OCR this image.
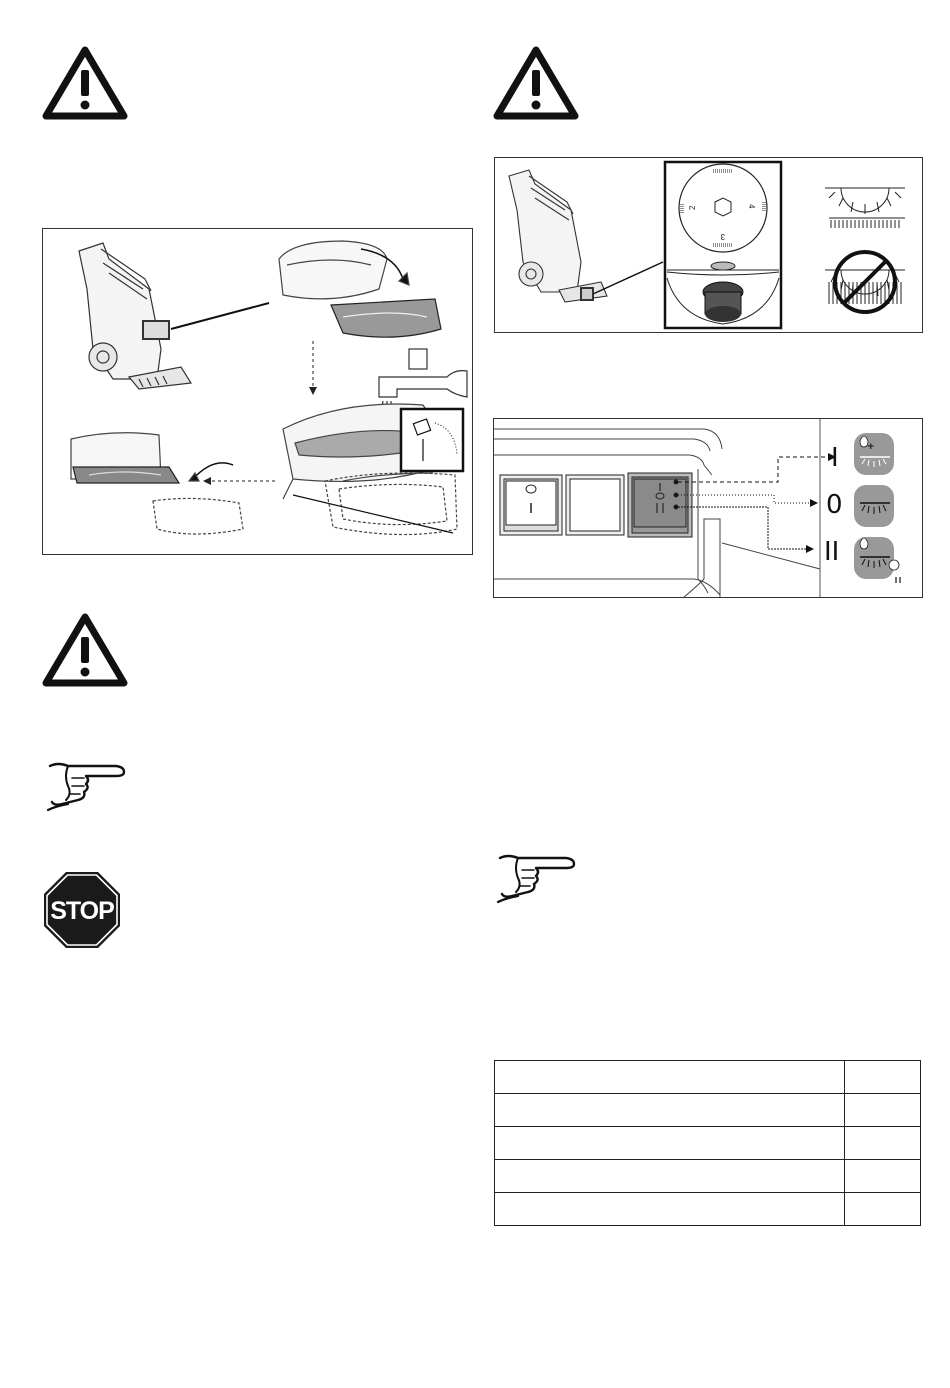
2
3
4
I
0
II
+
STOP
